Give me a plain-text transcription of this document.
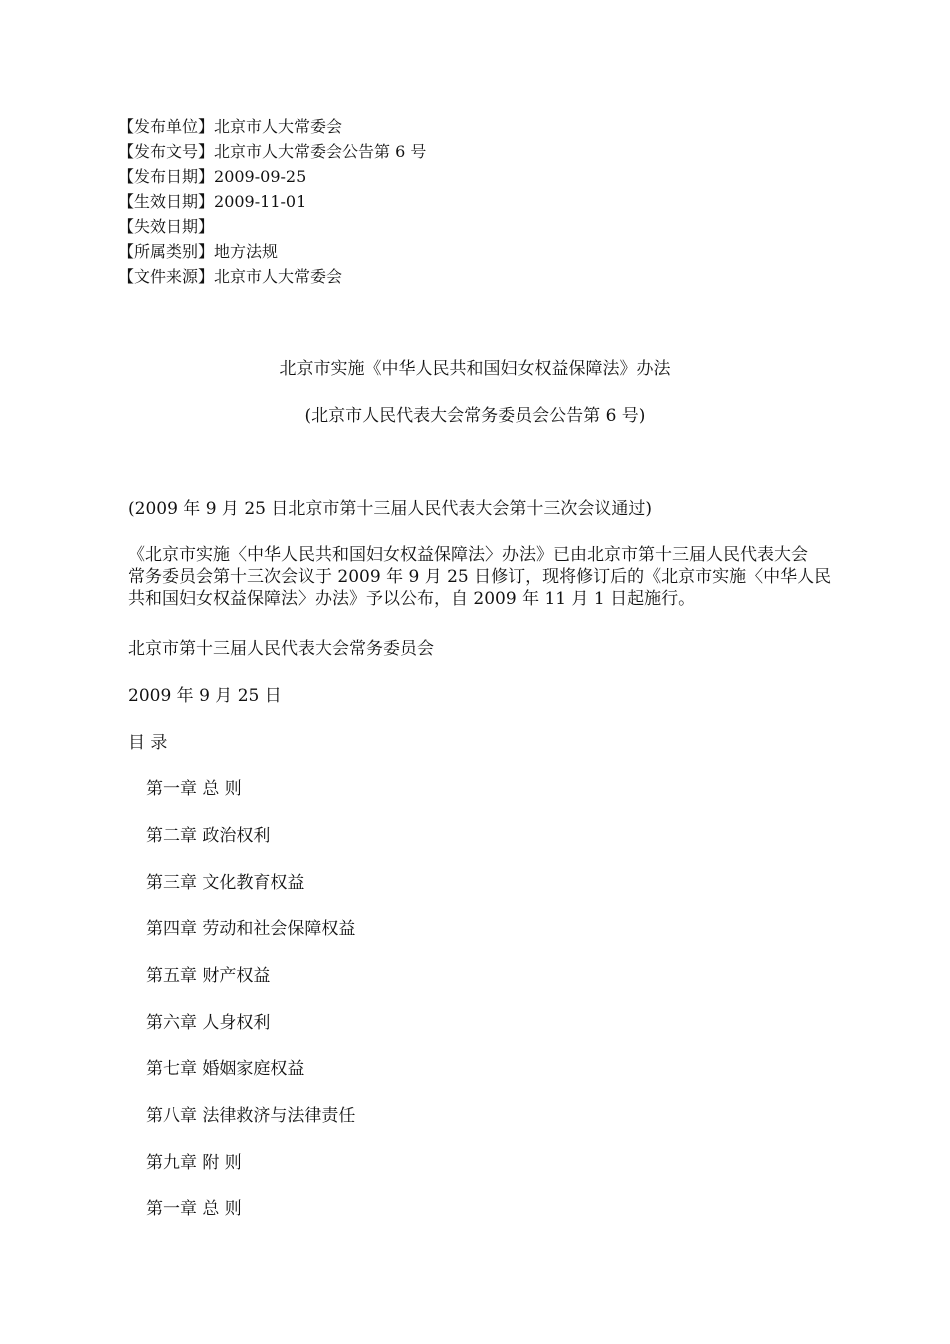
【发布单位】北京市人大常委会
【发布文号】北京市人大常委会公告第 6 号
【发布日期】2009-09-25
【生效日期】2009-11-01
【失效日期】
【所属类别】地方法规
【文件来源】北京市人大常委会
北京市实施《中华人民共和国妇女权益保障法》办法
(北京市人民代表大会常务委员会公告第 6 号)
(2009 年 9 月 25 日北京市第十三届人民代表大会第十三次会议通过)
《北京市实施〈中华人民共和国妇女权益保障法〉办法》已由北京市第十三届人民代表大会
常务委员会第十三次会议于 2009 年 9 月 25 日修订，现将修订后的《北京市实施〈中华人民
共和国妇女权益保障法〉办法》予以公布，自 2009 年 11 月 1 日起施行。
北京市第十三届人民代表大会常务委员会
2009 年 9 月 25 日
目 录
第一章 总 则
第二章 政治权利
第三章 文化教育权益
第四章 劳动和社会保障权益
第五章 财产权益
第六章 人身权利
第七章 婚姻家庭权益
第八章 法律救济与法律责任
第九章 附 则
第一章 总 则
